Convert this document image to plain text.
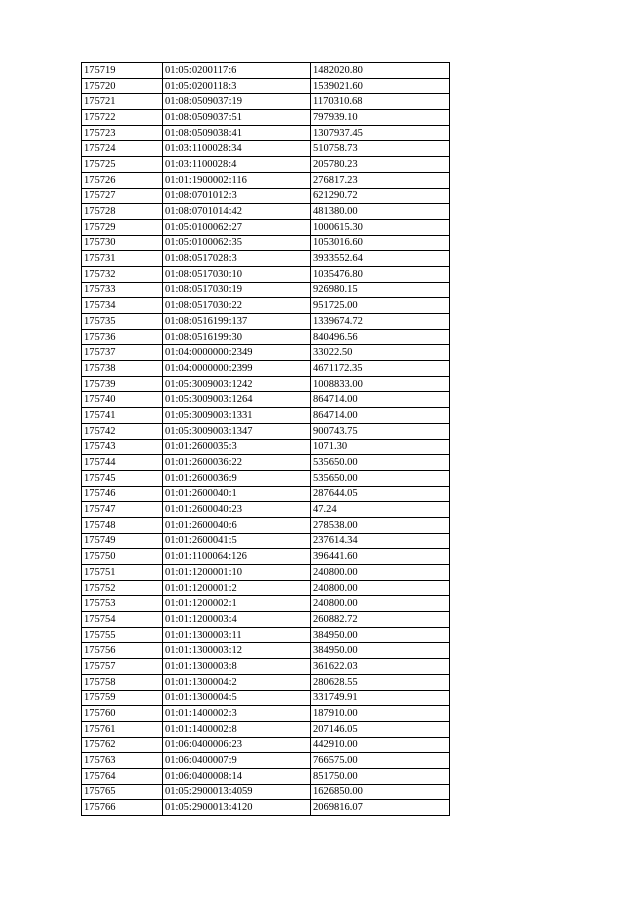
175719	01:05:0200117:6	1482020.80
175720	01:05:0200118:3	1539021.60
175721	01:08:0509037:19	1170310.68
175722	01:08:0509037:51	797939.10
175723	01:08:0509038:41	1307937.45
175724	01:03:1100028:34	510758.73
175725	01:03:1100028:4	205780.23
175726	01:01:1900002:116	276817.23
175727	01:08:0701012:3	621290.72
175728	01:08:0701014:42	481380.00
175729	01:05:0100062:27	1000615.30
175730	01:05:0100062:35	1053016.60
175731	01:08:0517028:3	3933552.64
175732	01:08:0517030:10	1035476.80
175733	01:08:0517030:19	926980.15
175734	01:08:0517030:22	951725.00
175735	01:08:0516199:137	1339674.72
175736	01:08:0516199:30	840496.56
175737	01:04:0000000:2349	33022.50
175738	01:04:0000000:2399	4671172.35
175739	01:05:3009003:1242	1008833.00
175740	01:05:3009003:1264	864714.00
175741	01:05:3009003:1331	864714.00
175742	01:05:3009003:1347	900743.75
175743	01:01:2600035:3	1071.30
175744	01:01:2600036:22	535650.00
175745	01:01:2600036:9	535650.00
175746	01:01:2600040:1	287644.05
175747	01:01:2600040:23	47.24
175748	01:01:2600040:6	278538.00
175749	01:01:2600041:5	237614.34
175750	01:01:1100064:126	396441.60
175751	01:01:1200001:10	240800.00
175752	01:01:1200001:2	240800.00
175753	01:01:1200002:1	240800.00
175754	01:01:1200003:4	260882.72
175755	01:01:1300003:11	384950.00
175756	01:01:1300003:12	384950.00
175757	01:01:1300003:8	361622.03
175758	01:01:1300004:2	280628.55
175759	01:01:1300004:5	331749.91
175760	01:01:1400002:3	187910.00
175761	01:01:1400002:8	207146.05
175762	01:06:0400006:23	442910.00
175763	01:06:0400007:9	766575.00
175764	01:06:0400008:14	851750.00
175765	01:05:2900013:4059	1626850.00
175766	01:05:2900013:4120	2069816.07
